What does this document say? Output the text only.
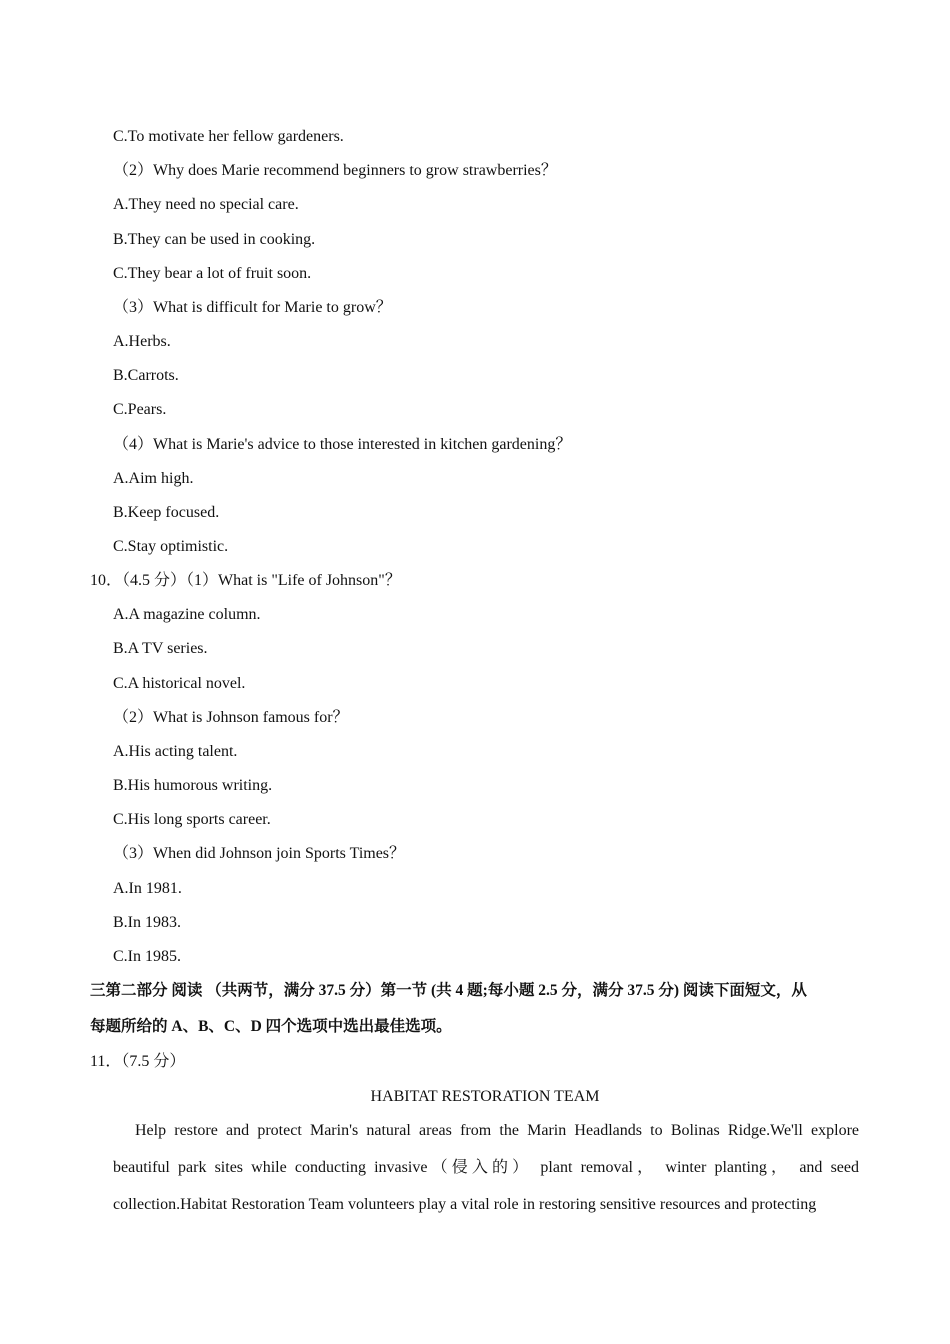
C.To motivate her fellow gardeners.
（2）Why does Marie recommend beginners to grow strawberries？
A.They need no special care.
B.They can be used in cooking.
C.They bear a lot of fruit soon.
（3）What is difficult for Marie to grow？
A.Herbs.
B.Carrots.
C.Pears.
（4）What is Marie's advice to those interested in kitchen gardening？
A.Aim high.
B.Keep focused.
C.Stay optimistic.
10．（4.5 分）（1）What is "Life of Johnson"？
A.A magazine column.
B.A TV series.
C.A historical novel.
（2）What is Johnson famous for？
A.His acting talent.
B.His humorous writing.
C.His long sports career.
（3）When did Johnson join Sports Times？
A.In 1981.
B.In 1983.
C.In 1985.
三第二部分 阅读 （共两节，满分 37.5 分）第一节 (共 4 题;每小题 2.5 分，满分 37.5 分) 阅读下面短文，从
每题所给的 A、B、C、D 四个选项中选出最佳选项。
11．（7.5 分）
HABITAT RESTORATION TEAM
Help restore and protect Marin's natural areas from the Marin Headlands to Bolinas Ridge.We'll explore beautiful park sites while conducting invasive（侵入的） plant removal， winter planting， and seed collection.Habitat Restoration Team volunteers play a vital role in restoring sensitive resources and protecting
